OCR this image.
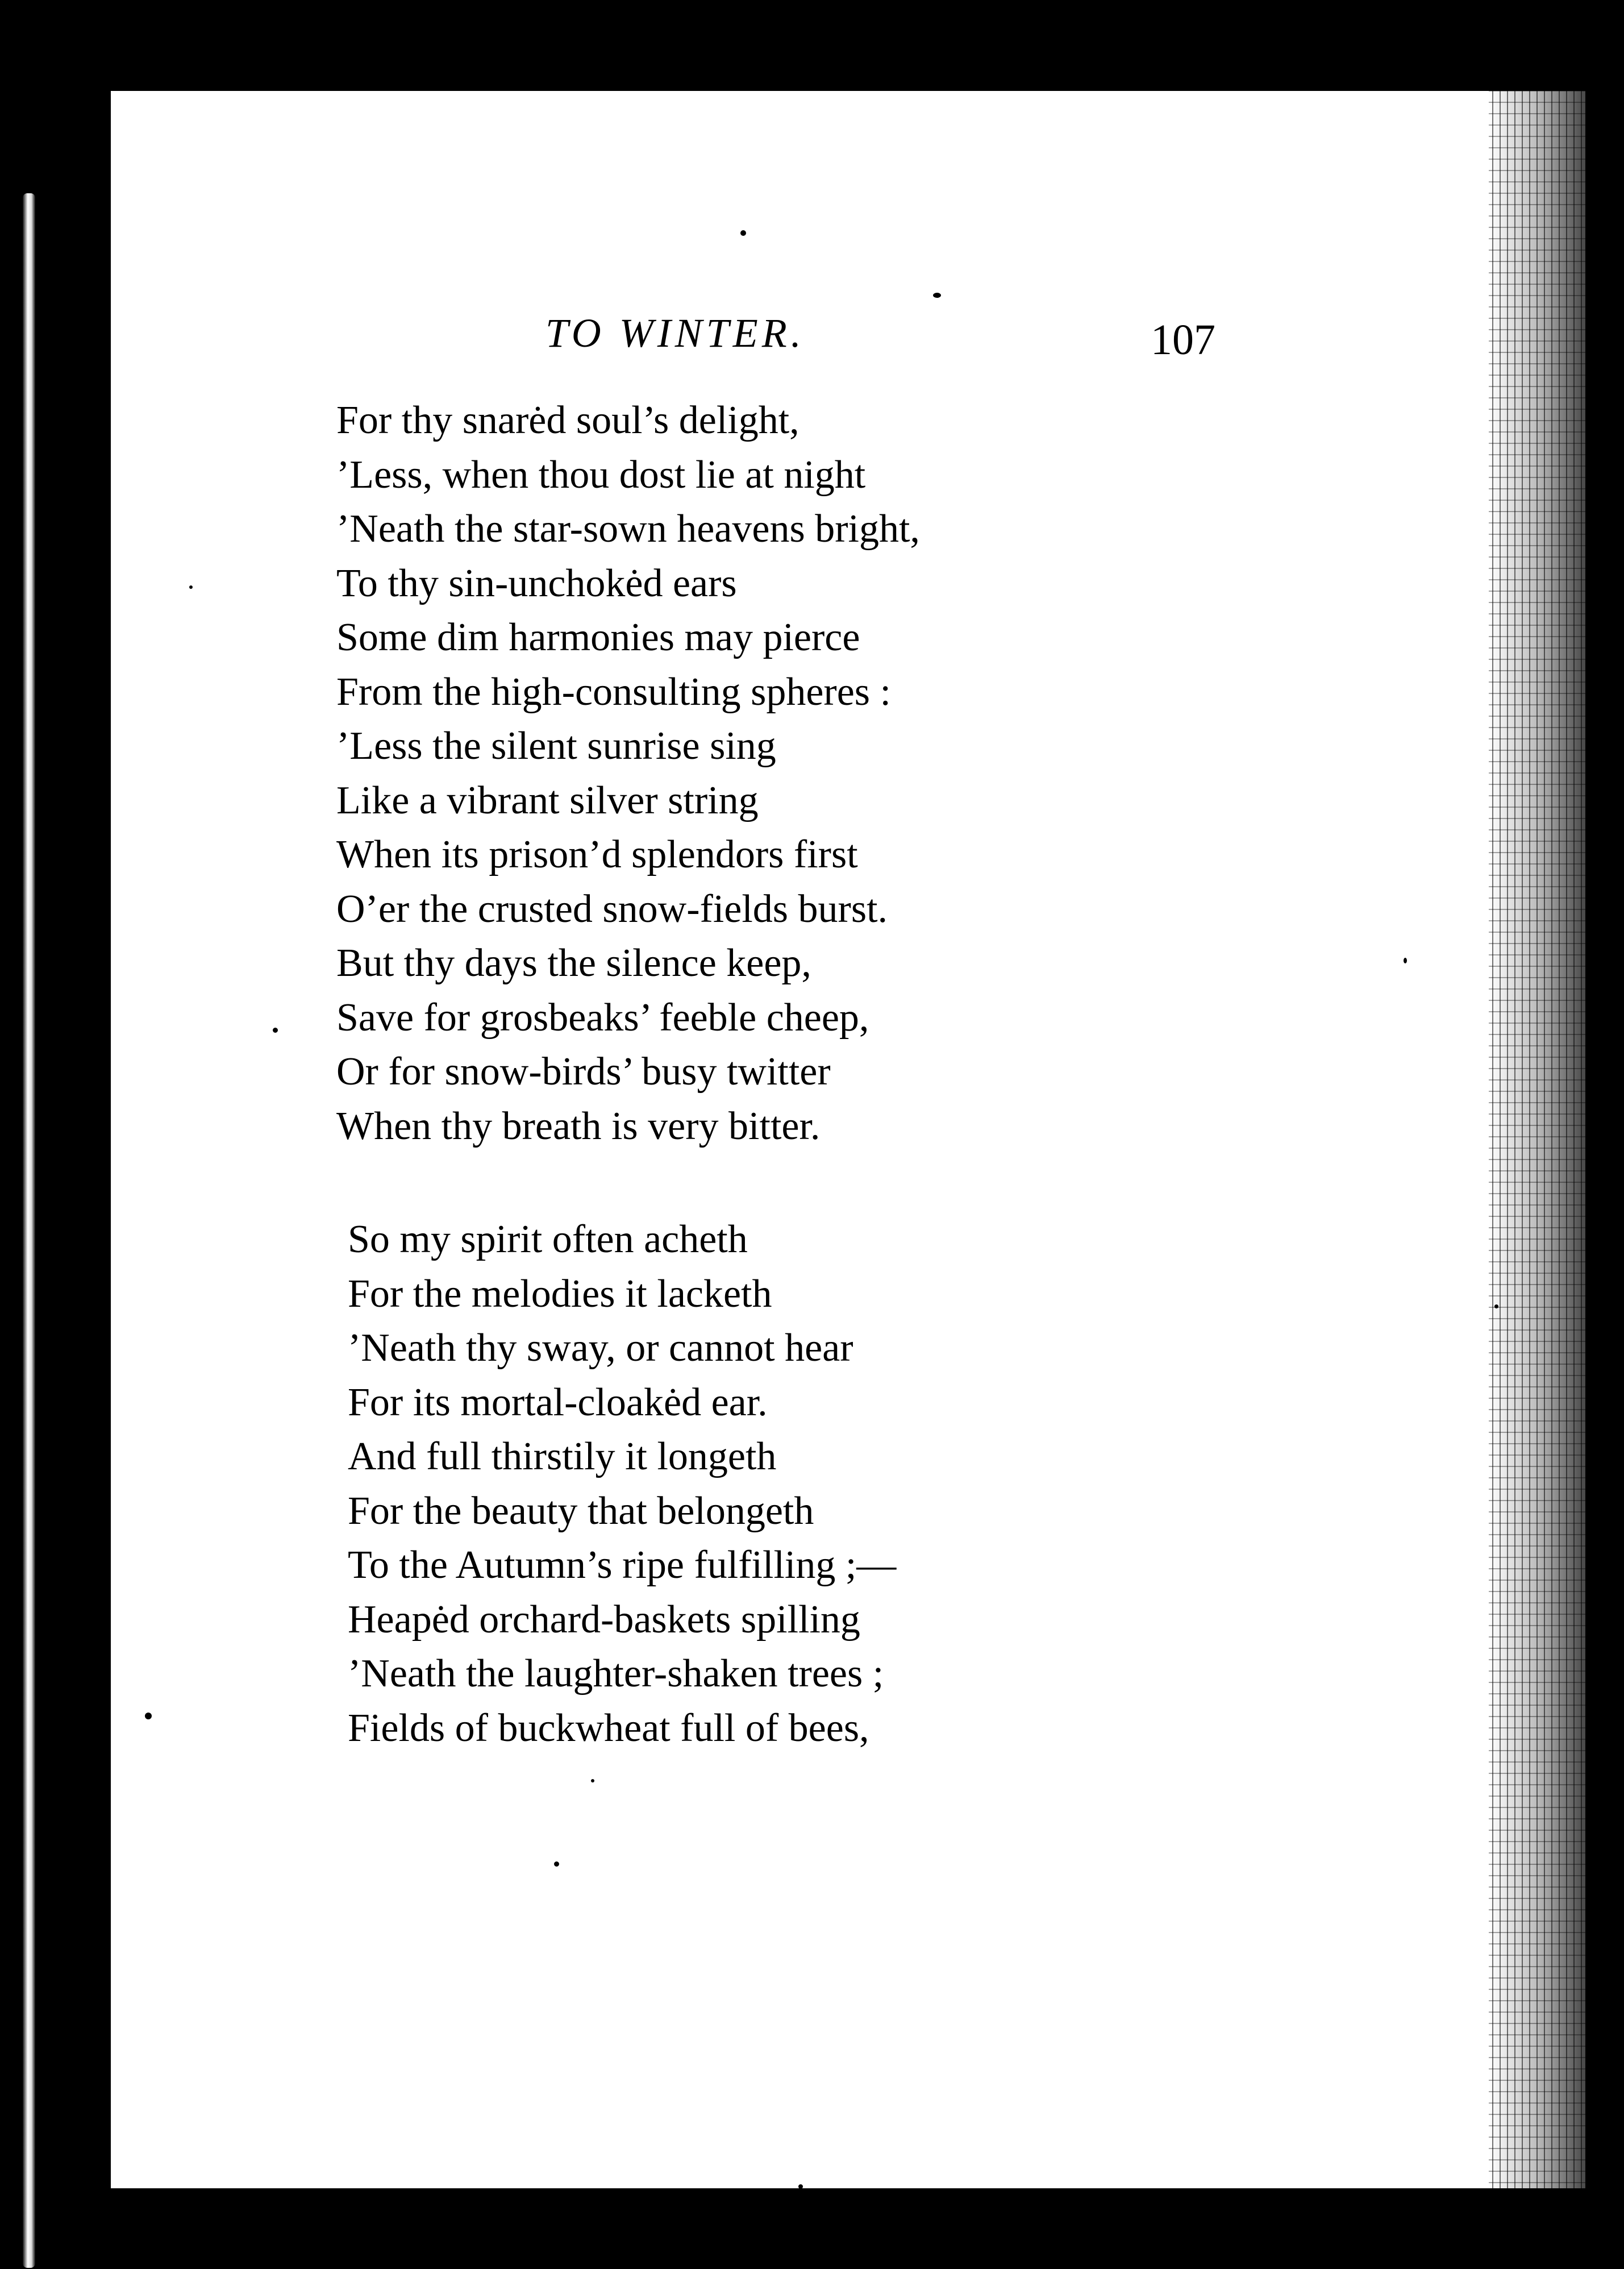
TO WINTER.	107
For thy snarėd soul’s delight,
’Less, when thou dost lie at night
’Neath the star-sown heavens bright,
To thy sin-unchokėd ears
Some dim harmonies may pierce
From the high-consulting spheres :
’Less the silent sunrise sing
Like a vibrant silver string
When its prison’d splendors first
O’er the crusted snow-fields burst.
But thy days the silence keep,
Save for grosbeaks’ feeble cheep,
Or for snow-birds’ busy twitter
When thy breath is very bitter.
So my spirit often acheth
For the melodies it lacketh
’Neath thy sway, or cannot hear
For its mortal-cloakėd ear.
And full thirstily it longeth
For the beauty that belongeth
To the Autumn’s ripe fulfilling ;—
Heapėd orchard-baskets spilling
’Neath the laughter-shaken trees ;
Fields of buckwheat full of bees,
